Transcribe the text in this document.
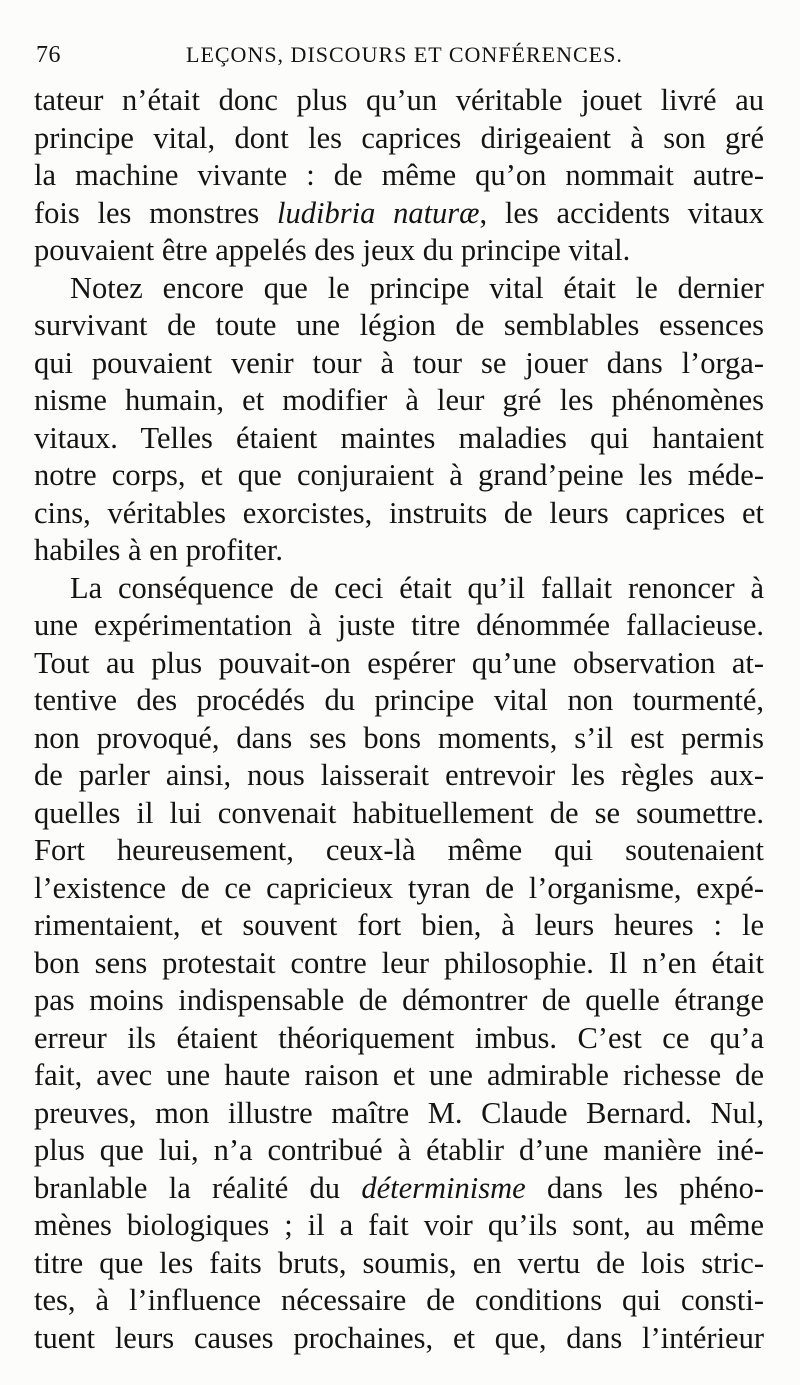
76	LEÇONS, DISCOURS ET CONFÉRENCES.
tateur n’était donc plus qu’un véritable jouet livré au
principe vital, dont les caprices dirigeaient à son gré
la machine vivante : de même qu’on nommait autre-
fois les monstres ludibria naturæ, les accidents vitaux
pouvaient être appelés des jeux du principe vital.
Notez encore que le principe vital était le dernier
survivant de toute une légion de semblables essences
qui pouvaient venir tour à tour se jouer dans l’orga-
nisme humain, et modifier à leur gré les phénomènes
vitaux. Telles étaient maintes maladies qui hantaient
notre corps, et que conjuraient à grand’peine les méde-
cins, véritables exorcistes, instruits de leurs caprices et
habiles à en profiter.
La conséquence de ceci était qu’il fallait renoncer à
une expérimentation à juste titre dénommée fallacieuse.
Tout au plus pouvait-on espérer qu’une observation at-
tentive des procédés du principe vital non tourmenté,
non provoqué, dans ses bons moments, s’il est permis
de parler ainsi, nous laisserait entrevoir les règles aux-
quelles il lui convenait habituellement de se soumettre.
Fort heureusement, ceux-là même qui soutenaient
l’existence de ce capricieux tyran de l’organisme, expé-
rimentaient, et souvent fort bien, à leurs heures : le
bon sens protestait contre leur philosophie. Il n’en était
pas moins indispensable de démontrer de quelle étrange
erreur ils étaient théoriquement imbus. C’est ce qu’a
fait, avec une haute raison et une admirable richesse de
preuves, mon illustre maître M. Claude Bernard. Nul,
plus que lui, n’a contribué à établir d’une manière iné-
branlable la réalité du déterminisme dans les phéno-
mènes biologiques ; il a fait voir qu’ils sont, au même
titre que les faits bruts, soumis, en vertu de lois stric-
tes, à l’influence nécessaire de conditions qui consti-
tuent leurs causes prochaines, et que, dans l’intérieur
